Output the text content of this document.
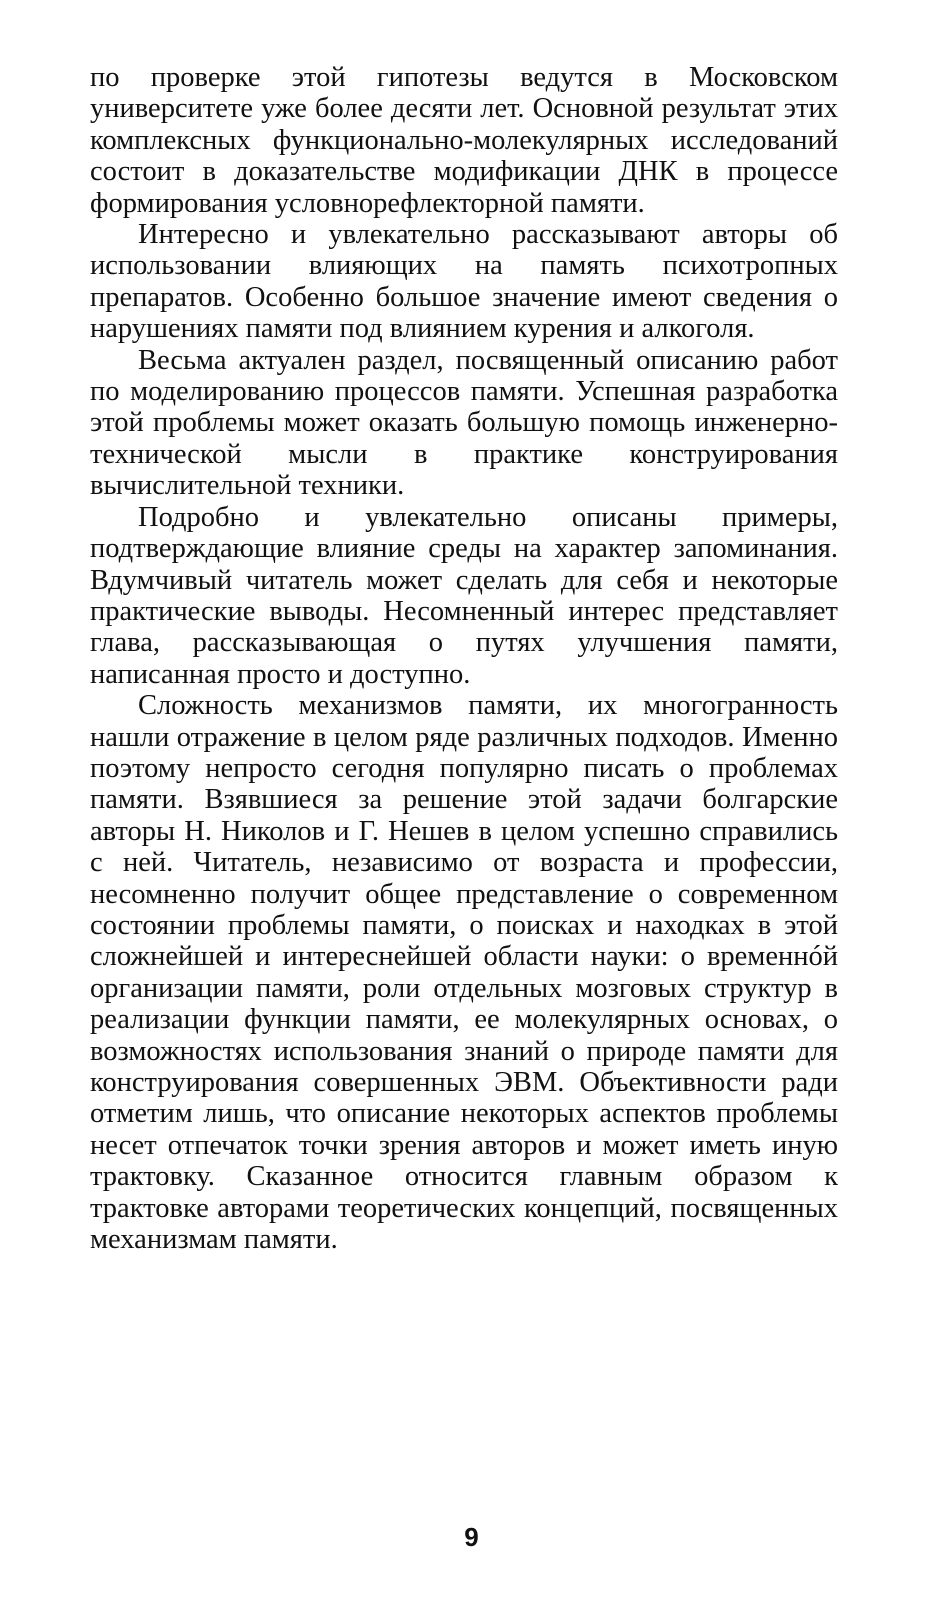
по проверке этой гипотезы ведутся в Московском университете уже более десяти лет. Основной результат этих комплексных функционально-молекулярных исследований состоит в доказательстве модификации ДНК в процессе формирования условнорефлекторной памяти.

Интересно и увлекательно рассказывают авторы об использовании влияющих на память психотропных препаратов. Особенно большое значение имеют сведения о нарушениях памяти под влиянием курения и алкоголя.

Весьма актуален раздел, посвященный описанию работ по моделированию процессов памяти. Успешная разработка этой проблемы может оказать большую помощь инженерно-технической мысли в практике конструирования вычислительной техники.

Подробно и увлекательно описаны примеры, подтверждающие влияние среды на характер запоминания. Вдумчивый читатель может сделать для себя и некоторые практические выводы. Несомненный интерес представляет глава, рассказывающая о путях улучшения памяти, написанная просто и доступно.

Сложность механизмов памяти, их многогранность нашли отражение в целом ряде различных подходов. Именно поэтому непросто сегодня популярно писать о проблемах памяти. Взявшиеся за решение этой задачи болгарские авторы Н. Николов и Г. Нешев в целом успешно справились с ней. Читатель, независимо от возраста и профессии, несомненно получит общее представление о современном состоянии проблемы памяти, о поисках и находках в этой сложнейшей и интереснейшей области науки: о временнóй организации памяти, роли отдельных мозговых структур в реализации функции памяти, ее молекулярных основах, о возможностях использования знаний о природе памяти для конструирования совершенных ЭВМ. Объективности ради отметим лишь, что описание некоторых аспектов проблемы несет отпечаток точки зрения авторов и может иметь иную трактовку. Сказанное относится главным образом к трактовке авторами теоретических концепций, посвященных механизмам памяти.

9
